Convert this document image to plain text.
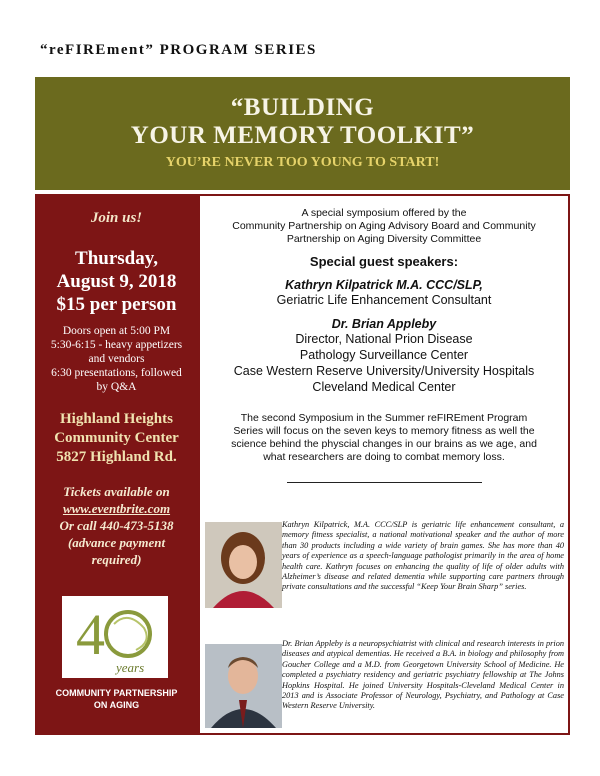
“reFIREment” PROGRAM SERIES
“BUILDING
YOUR MEMORY TOOLKIT”
YOU’RE NEVER TOO YOUNG TO START!
Join us!
Thursday,
August 9, 2018
$15 per person
Doors open at 5:00 PM
5:30-6:15 - heavy appetizers
and vendors
6:30 presentations, followed
by Q&A
Highland Heights
Community Center
5827 Highland Rd.
Tickets available on
www.eventbrite.com
Or call 440-473-5138
(advance payment
required)
4
years
COMMUNITY PARTNERSHIP
ON AGING
A special symposium offered by the
Community Partnership on Aging Advisory Board and Community
Partnership on Aging Diversity Committee
Special guest speakers:
Kathryn Kilpatrick M.A. CCC/SLP,
Geriatric Life Enhancement Consultant
Dr. Brian Appleby
Director, National Prion Disease
Pathology Surveillance Center
Case Western Reserve University/University Hospitals
Cleveland Medical Center
The second Symposium in the Summer reFIREment Program
Series will focus on the seven keys to memory fitness as well the
science behind the physcial changes in our brains as we age, and
what researchers are doing to combat memory loss.
Kathryn Kilpatrick, M.A. CCC/SLP is geriatric life enhancement consultant, a memory fitness specialist, a national motivational speaker and the author of more than 30 products including a wide variety of brain games. She has more than 40 years of experience as a speech-language pathologist primarily in the area of home health care. Kathryn focuses on enhancing the quality of life of older adults with Alzheimer’s disease and related dementia while supporting care partners through private consultations and the successful “Keep Your Brain Sharp” series.
Dr. Brian Appleby is a neuropsychiatrist with clinical and research interests in prion diseases and atypical dementias. He received a B.A. in biology and philosophy from Goucher College and a M.D. from Georgetown University School of Medicine. He completed a psychiatry residency and geriatric psychiatry fellowship at The Johns Hopkins Hospital. He joined University Hospitals-Cleveland Medical Center in 2013 and is Associate Professor of Neurology, Psychiatry, and Pathology at Case Western Reserve University.
